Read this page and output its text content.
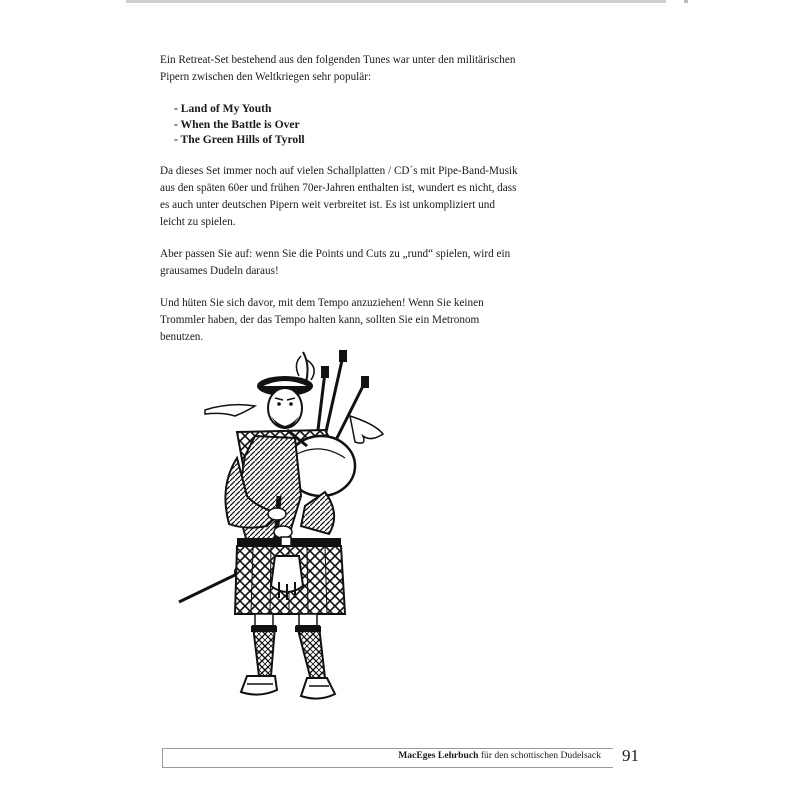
Ein Retreat-Set bestehend aus den folgenden Tunes war unter den militärischen Pipern zwischen den Weltkriegen sehr populär:

- Land of My Youth
- When the Battle is Over
- The Green Hills of Tyroll

Da dieses Set immer noch auf vielen Schallplatten / CD´s mit Pipe-Band-Musik aus den späten 60er und frühen 70er-Jahren enthalten ist, wundert es nicht, dass es auch unter deutschen Pipern weit verbreitet ist. Es ist unkompliziert und leicht zu spielen.

Aber passen Sie auf: wenn Sie die Points und Cuts zu „rund“ spielen, wird ein grausames Dudeln daraus!

Und hüten Sie sich davor, mit dem Tempo anzuziehen! Wenn Sie keinen Trommler haben, der das Tempo halten kann, sollten Sie ein Metronom benutzen.

MacEges Lehrbuch für den schottischen Dudelsack 91
